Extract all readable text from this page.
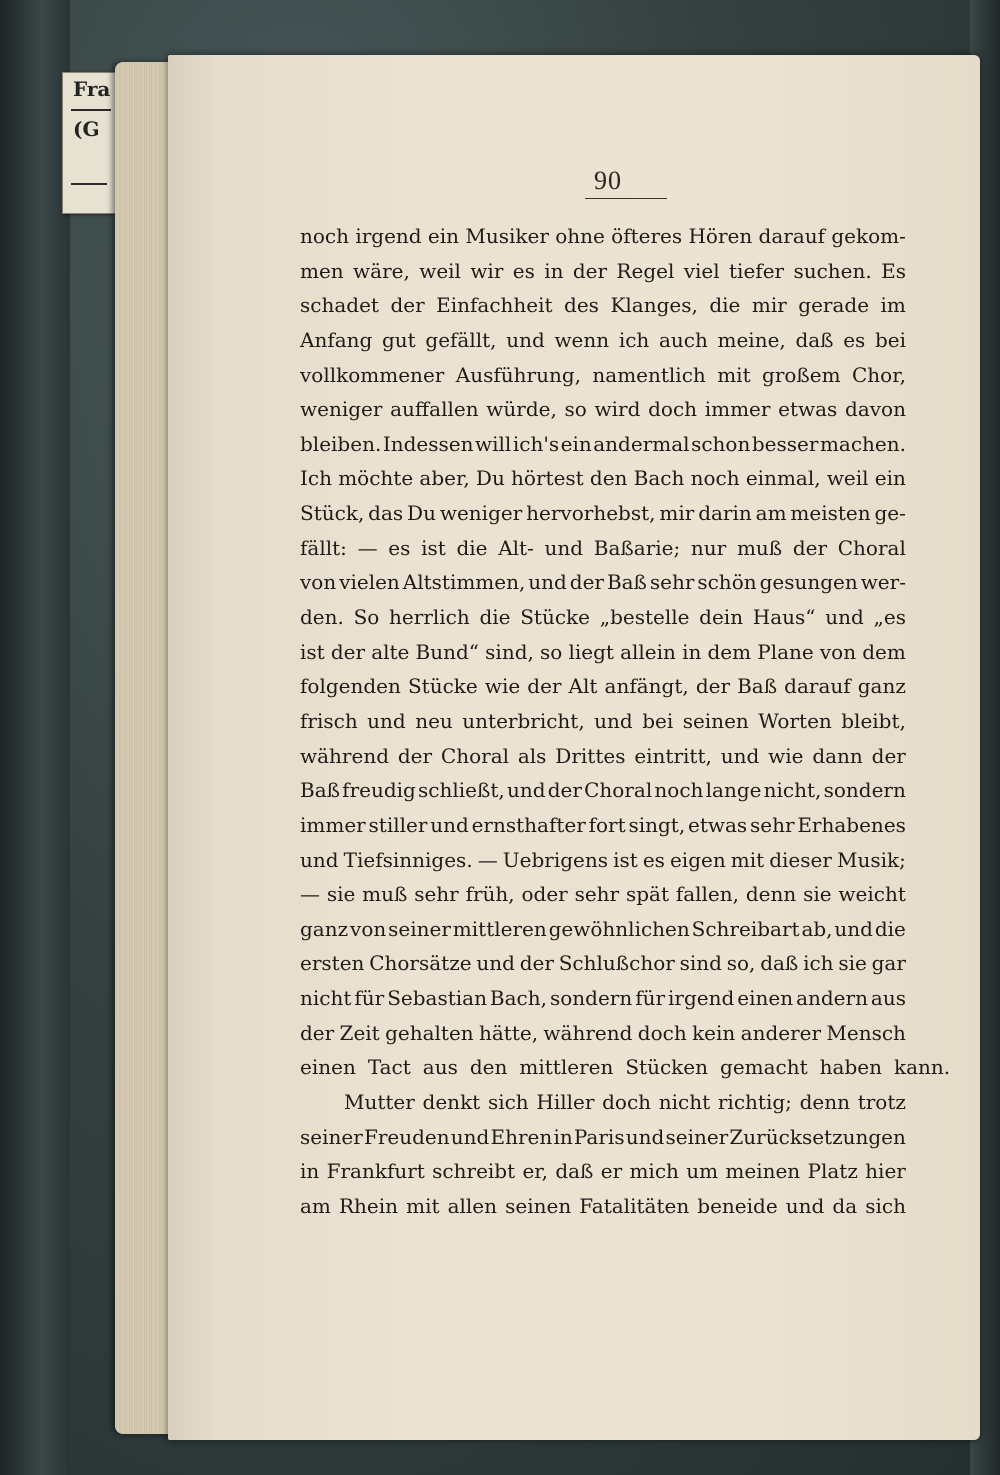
Fra
(G
90
noch irgend ein Musiker ohne öfteres Hören darauf gekom-
men wäre, weil wir es in der Regel viel tiefer suchen. Es
schadet der Einfachheit des Klanges, die mir gerade im
Anfang gut gefällt, und wenn ich auch meine, daß es bei
vollkommener Ausführung, namentlich mit großem Chor,
weniger auffallen würde, so wird doch immer etwas davon
bleiben. Indessen will ich's ein andermal schon besser machen.
Ich möchte aber, Du hörtest den Bach noch einmal, weil ein
Stück, das Du weniger hervorhebst, mir darin am meisten ge-
fällt: — es ist die Alt- und Baßarie; nur muß der Choral
von vielen Altstimmen, und der Baß sehr schön gesungen wer-
den. So herrlich die Stücke „bestelle dein Haus“ und „es
ist der alte Bund“ sind, so liegt allein in dem Plane von dem
folgenden Stücke wie der Alt anfängt, der Baß darauf ganz
frisch und neu unterbricht, und bei seinen Worten bleibt,
während der Choral als Drittes eintritt, und wie dann der
Baß freudig schließt, und der Choral noch lange nicht, sondern
immer stiller und ernsthafter fort singt, etwas sehr Erhabenes
und Tiefsinniges. — Uebrigens ist es eigen mit dieser Musik;
— sie muß sehr früh, oder sehr spät fallen, denn sie weicht
ganz von seiner mittleren gewöhnlichen Schreibart ab, und die
ersten Chorsätze und der Schlußchor sind so, daß ich sie gar
nicht für Sebastian Bach, sondern für irgend einen andern aus
der Zeit gehalten hätte, während doch kein anderer Mensch
einen Tact aus den mittleren Stücken gemacht haben kann.
Mutter denkt sich Hiller doch nicht richtig; denn trotz
seiner Freuden und Ehren in Paris und seiner Zurücksetzungen
in Frankfurt schreibt er, daß er mich um meinen Platz hier
am Rhein mit allen seinen Fatalitäten beneide und da sich
